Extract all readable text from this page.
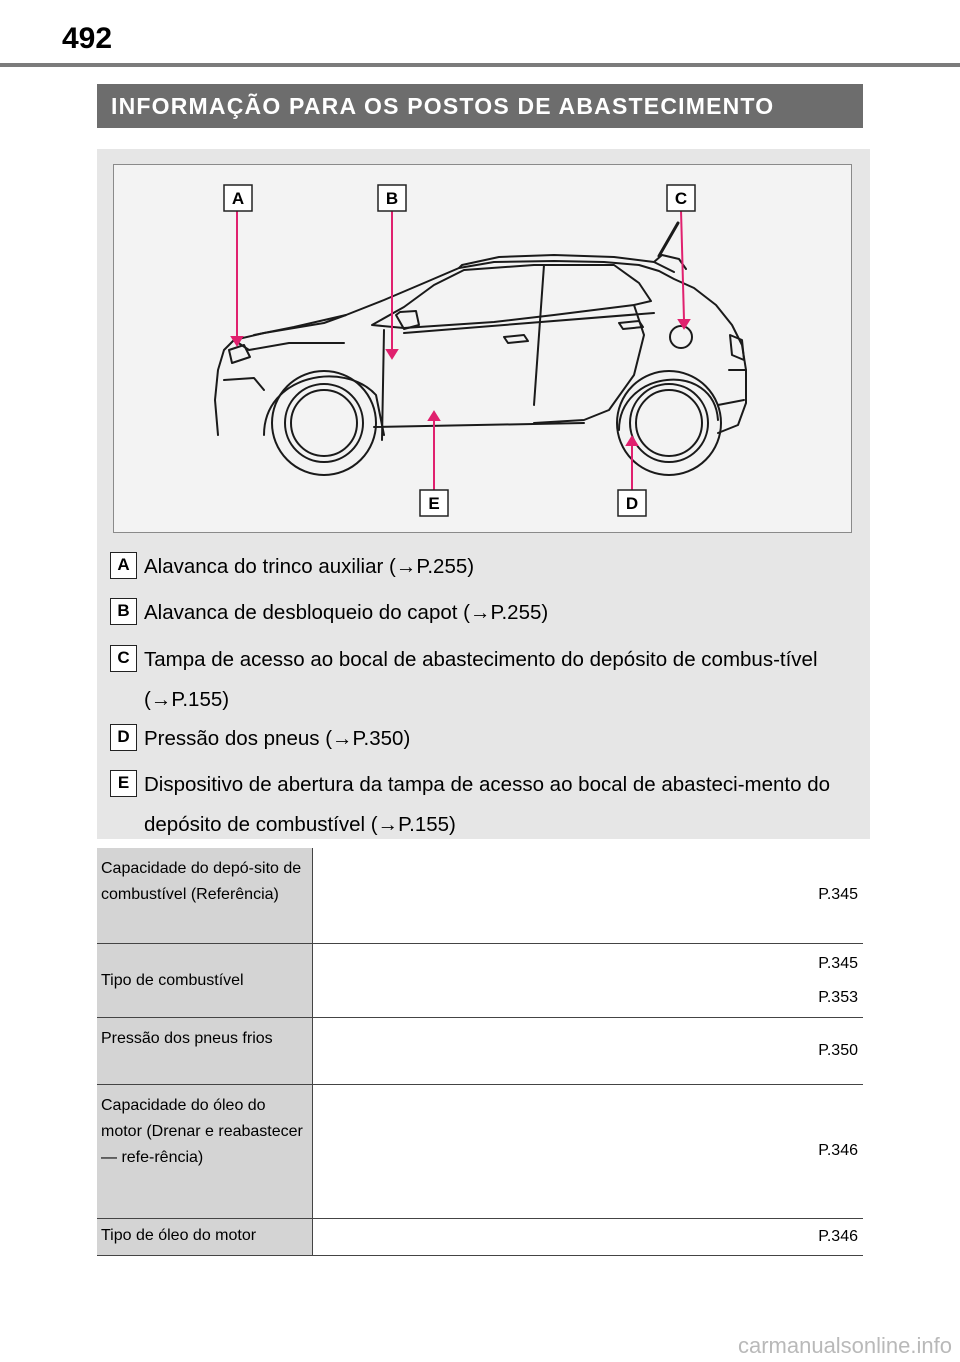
492
INFORMAÇÃO PARA OS POSTOS DE ABASTECIMENTO
A	B	C
D
E
A Alavanca do trinco auxiliar (→P.255)
B Alavanca de desbloqueio do capot (→P.255)
C Tampa de acesso ao bocal de abastecimento do depósito de combus-tível (→P.155)
D Pressão dos pneus (→P.350)
E Dispositivo de abertura da tampa de acesso ao bocal de abasteci-mento do depósito de combustível (→P.155)
Capacidade do depó-sito de combustível (Referência)	P.345
Tipo de combustível	P.345
P.353

Pressão dos pneus frios	P.350
Capacidade do óleo do motor (Drenar e reabastecer — refe-rência)	P.346
Tipo de óleo do motor	P.346
carmanualsonline.info
